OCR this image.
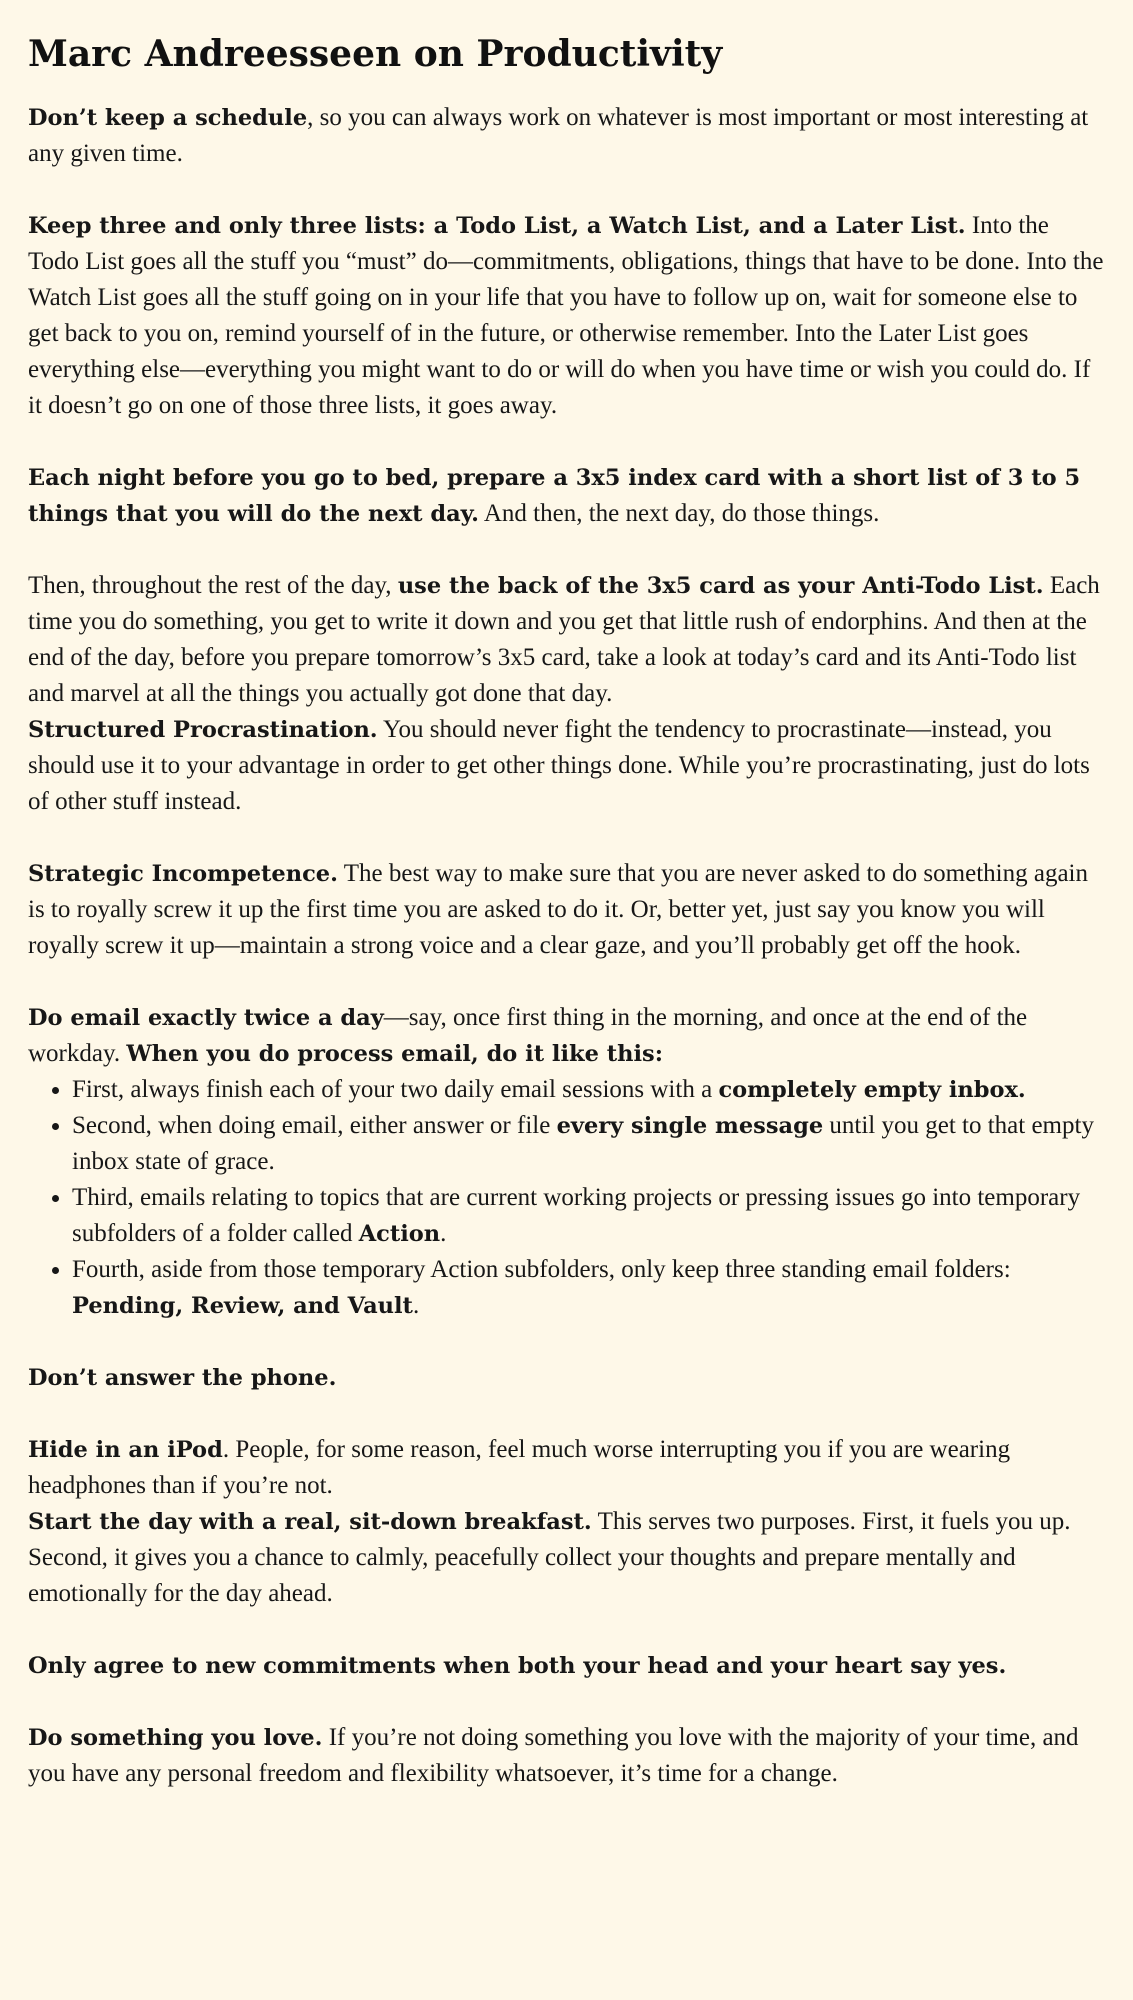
Marc Andreesseen on Productivity

Don’t keep a schedule, so you can always work on whatever is most important or most interesting at any given time.

Keep three and only three lists: a Todo List, a Watch List, and a Later List. Into the Todo List goes all the stuff you “must” do—commitments, obligations, things that have to be done. Into the Watch List goes all the stuff going on in your life that you have to follow up on, wait for someone else to get back to you on, remind yourself of in the future, or otherwise remember. Into the Later List goes everything else—everything you might want to do or will do when you have time or wish you could do. If it doesn’t go on one of those three lists, it goes away.

Each night before you go to bed, prepare a 3x5 index card with a short list of 3 to 5 things that you will do the next day. And then, the next day, do those things.

Then, throughout the rest of the day, use the back of the 3x5 card as your Anti-Todo List. Each time you do something, you get to write it down and you get that little rush of endorphins. And then at the end of the day, before you prepare tomorrow’s 3x5 card, take a look at today’s card and its Anti-Todo list and marvel at all the things you actually got done that day.

Structured Procrastination. You should never fight the tendency to procrastinate—instead, you should use it to your advantage in order to get other things done. While you’re procrastinating, just do lots of other stuff instead.

Strategic Incompetence. The best way to make sure that you are never asked to do something again is to royally screw it up the first time you are asked to do it. Or, better yet, just say you know you will royally screw it up—maintain a strong voice and a clear gaze, and you’ll probably get off the hook.

Do email exactly twice a day—say, once first thing in the morning, and once at the end of the workday. When you do process email, do it like this:

• First, always finish each of your two daily email sessions with a completely empty inbox.
• Second, when doing email, either answer or file every single message until you get to that empty inbox state of grace.
• Third, emails relating to topics that are current working projects or pressing issues go into temporary subfolders of a folder called Action.
• Fourth, aside from those temporary Action subfolders, only keep three standing email folders: Pending, Review, and Vault.

Don’t answer the phone.

Hide in an iPod. People, for some reason, feel much worse interrupting you if you are wearing headphones than if you’re not.

Start the day with a real, sit-down breakfast. This serves two purposes. First, it fuels you up. Second, it gives you a chance to calmly, peacefully collect your thoughts and prepare mentally and emotionally for the day ahead.

Only agree to new commitments when both your head and your heart say yes.

Do something you love. If you’re not doing something you love with the majority of your time, and you have any personal freedom and flexibility whatsoever, it’s time for a change.
